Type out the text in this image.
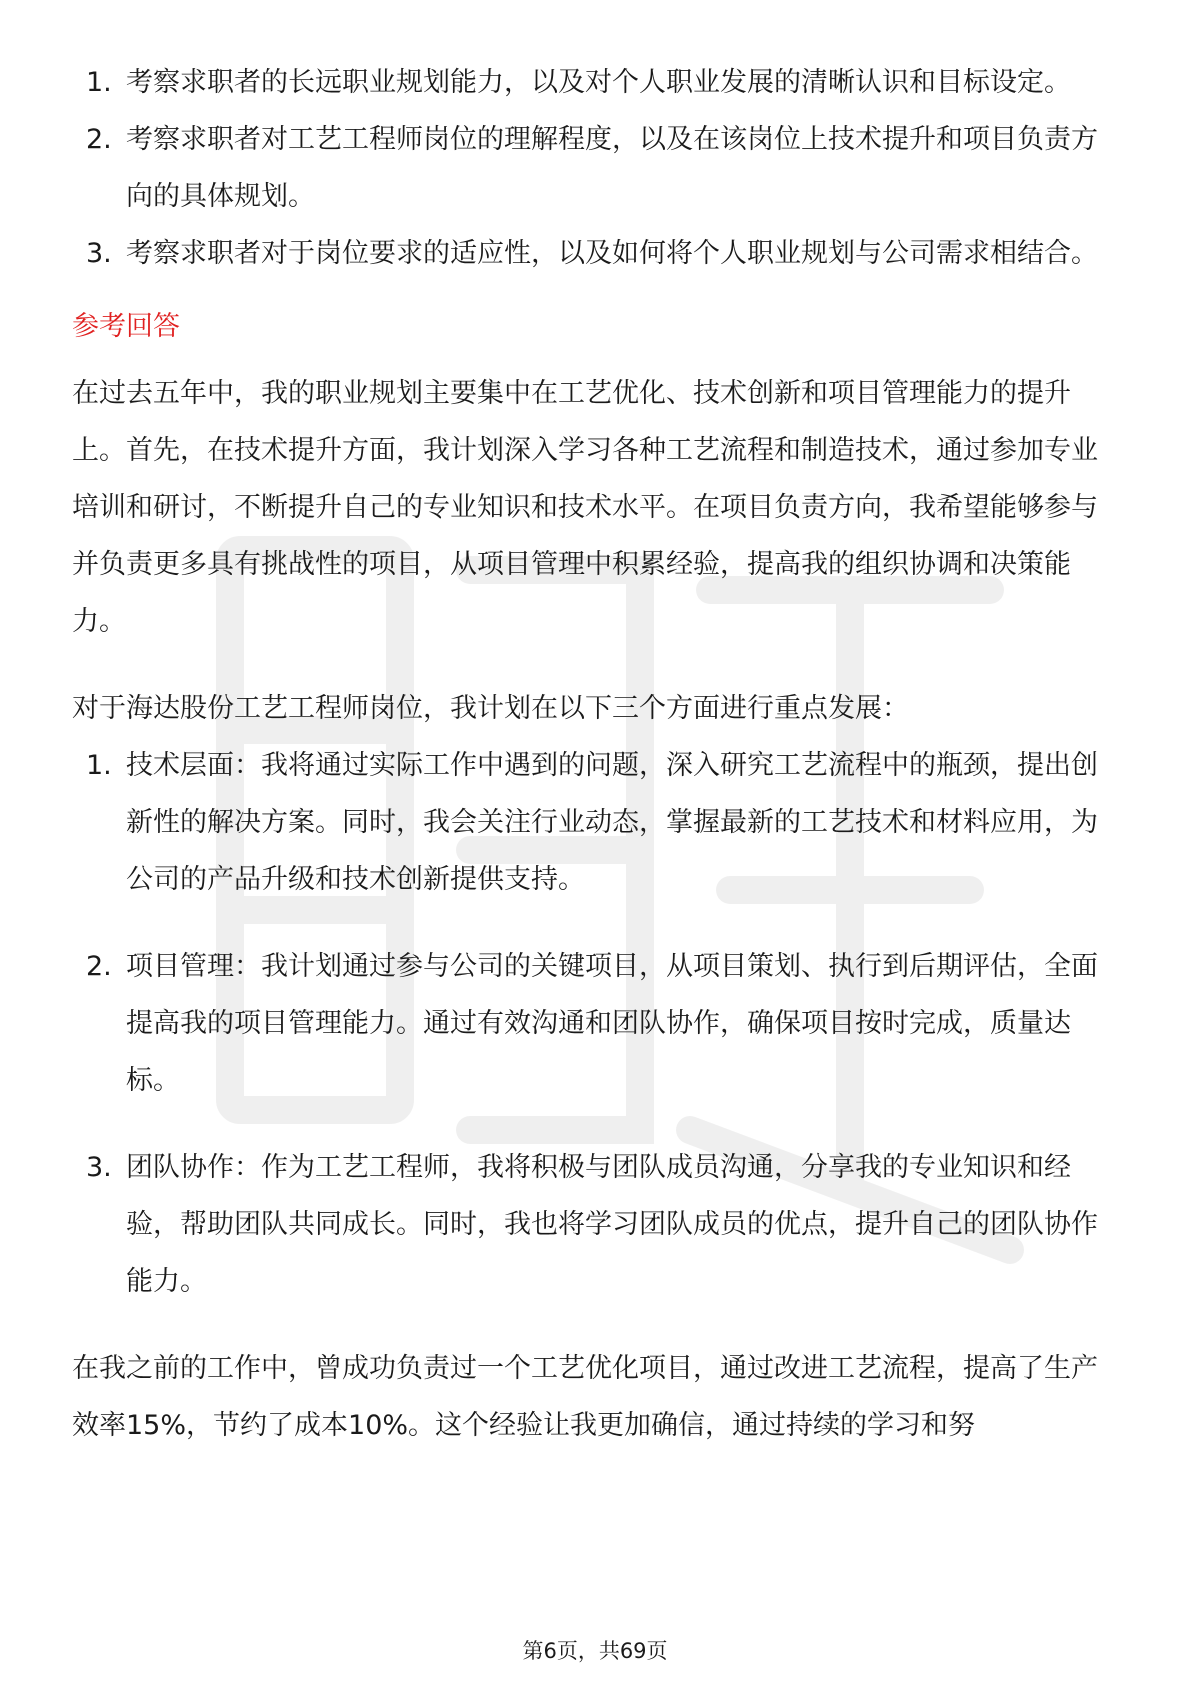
1. 考察求职者的长远职业规划能力，以及对个人职业发展的清晰认识和目标设定。
2. 考察求职者对工艺工程师岗位的理解程度，以及在该岗位上技术提升和项目负责方向的具体规划。
3. 考察求职者对于岗位要求的适应性，以及如何将个人职业规划与公司需求相结合。
参考回答

在过去五年中，我的职业规划主要集中在工艺优化、技术创新和项目管理能力的提升上。首先，在技术提升方面，我计划深入学习各种工艺流程和制造技术，通过参加专业培训和研讨，不断提升自己的专业知识和技术水平。在项目负责方向，我希望能够参与并负责更多具有挑战性的项目，从项目管理中积累经验，提高我的组织协调和决策能力。

对于海达股份工艺工程师岗位，我计划在以下三个方面进行重点发展：

1. 技术层面：我将通过实际工作中遇到的问题，深入研究工艺流程中的瓶颈，提出创新性的解决方案。同时，我会关注行业动态，掌握最新的工艺技术和材料应用，为公司的产品升级和技术创新提供支持。
2. 项目管理：我计划通过参与公司的关键项目，从项目策划、执行到后期评估，全面提高我的项目管理能力。通过有效沟通和团队协作，确保项目按时完成，质量达标。
3. 团队协作：作为工艺工程师，我将积极与团队成员沟通，分享我的专业知识和经验，帮助团队共同成长。同时，我也将学习团队成员的优点，提升自己的团队协作能力。

在我之前的工作中，曾成功负责过一个工艺优化项目，通过改进工艺流程，提高了生产效率15%，节约了成本10%。这个经验让我更加确信，通过持续的学习和努

第6页，共69页
